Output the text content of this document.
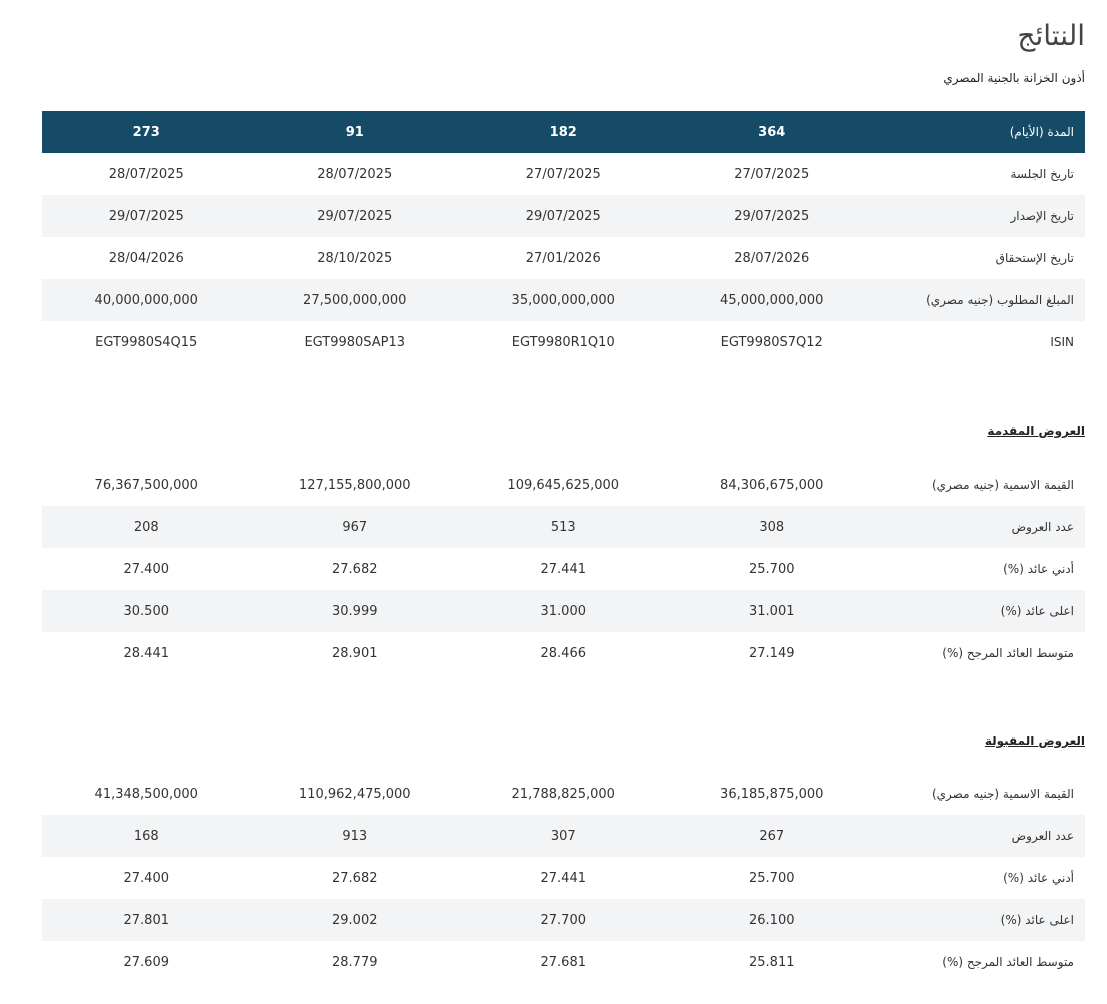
النتائج
أذون الخزانة بالجنية المصري
المدة (الأيام)	364	182	91	273
تاريخ الجلسة	27/07/2025	27/07/2025	28/07/2025	28/07/2025
تاريخ الإصدار	29/07/2025	29/07/2025	29/07/2025	29/07/2025
تاريخ الإستحقاق	28/07/2026	27/01/2026	28/10/2025	28/04/2026
المبلغ المطلوب (جنيه مصري)	45,000,000,000	35,000,000,000	27,500,000,000	40,000,000,000
ISIN	EGT9980S7Q12	EGT9980R1Q10	EGT9980SAP13	EGT9980S4Q15
العروض المقدمة
القيمة الاسمية (جنيه مصري)	84,306,675,000	109,645,625,000	127,155,800,000	76,367,500,000
عدد العروض	308	513	967	208
أدني عائد (%)	25.700	27.441	27.682	27.400
اعلى عائد (%)	31.001	31.000	30.999	30.500
متوسط العائد المرجح (%)	27.149	28.466	28.901	28.441
العروض المقبولة
القيمة الاسمية (جنيه مصري)	36,185,875,000	21,788,825,000	110,962,475,000	41,348,500,000
عدد العروض	267	307	913	168
أدني عائد (%)	25.700	27.441	27.682	27.400
اعلى عائد (%)	26.100	27.700	29.002	27.801
متوسط العائد المرجح (%)	25.811	27.681	28.779	27.609
